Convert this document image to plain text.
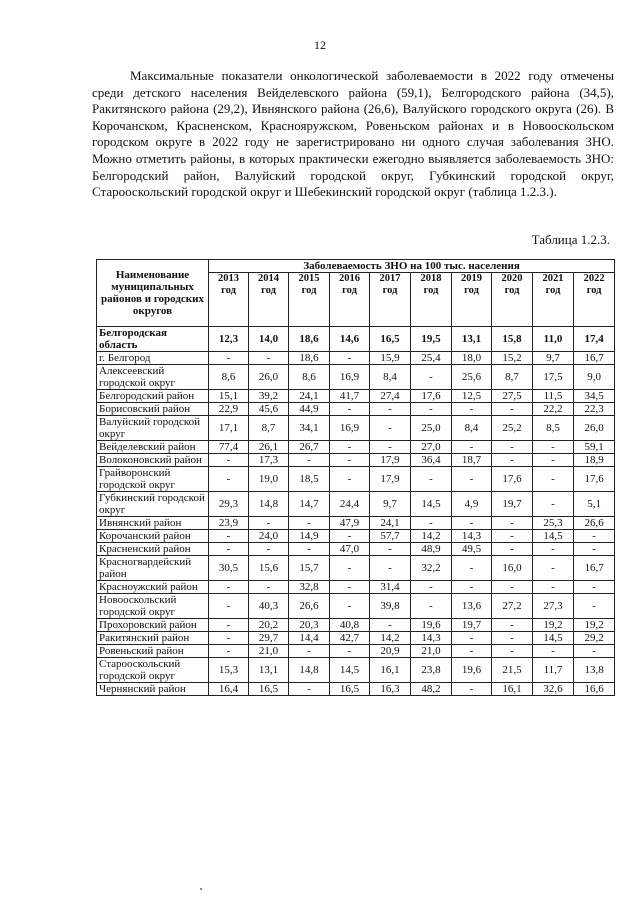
12

Максимальные показатели онкологической заболеваемости в 2022 году отмечены среди детского населения Вейделевского района (59,1), Белгородского района (34,5), Ракитянского района (29,2), Ивнянского района (26,6), Валуйского городского округа (26). В Корочанском, Красненском, Краснояружском, Ровеньском районах и в Новооскольском городском округе в 2022 году не зарегистрировано ни одного случая заболевания ЗНО. Можно отметить районы, в которых практически ежегодно выявляется заболеваемость ЗНО: Белгородский район, Валуйский городской округ, Губкинский городской округ, Старооскольский городской округ и Шебекинский городской округ (таблица 1.2.3.).

Таблица 1.2.3.
Наименование муниципальных районов и городских округов	Заболеваемость ЗНО на 100 тыс. населения									
	2013 год	2014 год	2015 год	2016 год	2017 год	2018 год	2019 год	2020 год	2021 год	2022 год
Белгородская область	12,3	14,0	18,6	14,6	16,5	19,5	13,1	15,8	11,0	17,4
г. Белгород	-	-	18,6	-	15,9	25,4	18,0	15,2	9,7	16,7
Алексеевский городской округ	8,6	26,0	8,6	16,9	8,4	-	25,6	8,7	17,5	9,0
Белгородский район	15,1	39,2	24,1	41,7	27,4	17,6	12,5	27,5	11,5	34,5
Борисовский район	22,9	45,6	44,9	-	-	-	-	-	22,2	22,3
Валуйский городской округ	17,1	8,7	34,1	16,9	-	25,0	8,4	25,2	8,5	26,0
Вейделевский район	77,4	26,1	26,7	-	-	27,0	-	-	-	59,1
Волоконовский район	-	17,3	-	-	17,9	36,4	18,7	-	-	18,9
Грайворонский городской округ	-	19,0	18,5	-	17,9	-	-	17,6	-	17,6
Губкинский городской округ	29,3	14,8	14,7	24,4	9,7	14,5	4,9	19,7	-	5,1
Ивнянский район	23,9	-	-	47,9	24,1	-	-	-	25,3	26,6
Корочанский район	-	24,0	14,9	-	57,7	14,2	14,3	-	14,5	-
Красненский район	-	-	-	47,0	-	48,9	49,5	-	-	-
Красногвардейский район	30,5	15,6	15,7	-	-	32,2	-	16,0	-	16,7
Красноужский район	-	-	32,8	-	31,4	-	-	-	-	-
Новооскольский городской округ	-	40,3	26,6	-	39,8	-	13,6	27,2	27,3	-
Прохоровский район	-	20,2	20,3	40,8	-	19,6	19,7	-	19,2	19,2
Ракитянский район	-	29,7	14,4	42,7	14,2	14,3	-	-	14,5	29,2
Ровеньский район	-	21,0	-	-	20,9	21,0	-	-	-	-
Старооскольский городской округ	15,3	13,1	14,8	14,5	16,1	23,8	19,6	21,5	11,7	13,8
Чернянский район	16,4	16,5	-	16,5	16,3	48,2	-	16,1	32,6	16,6
